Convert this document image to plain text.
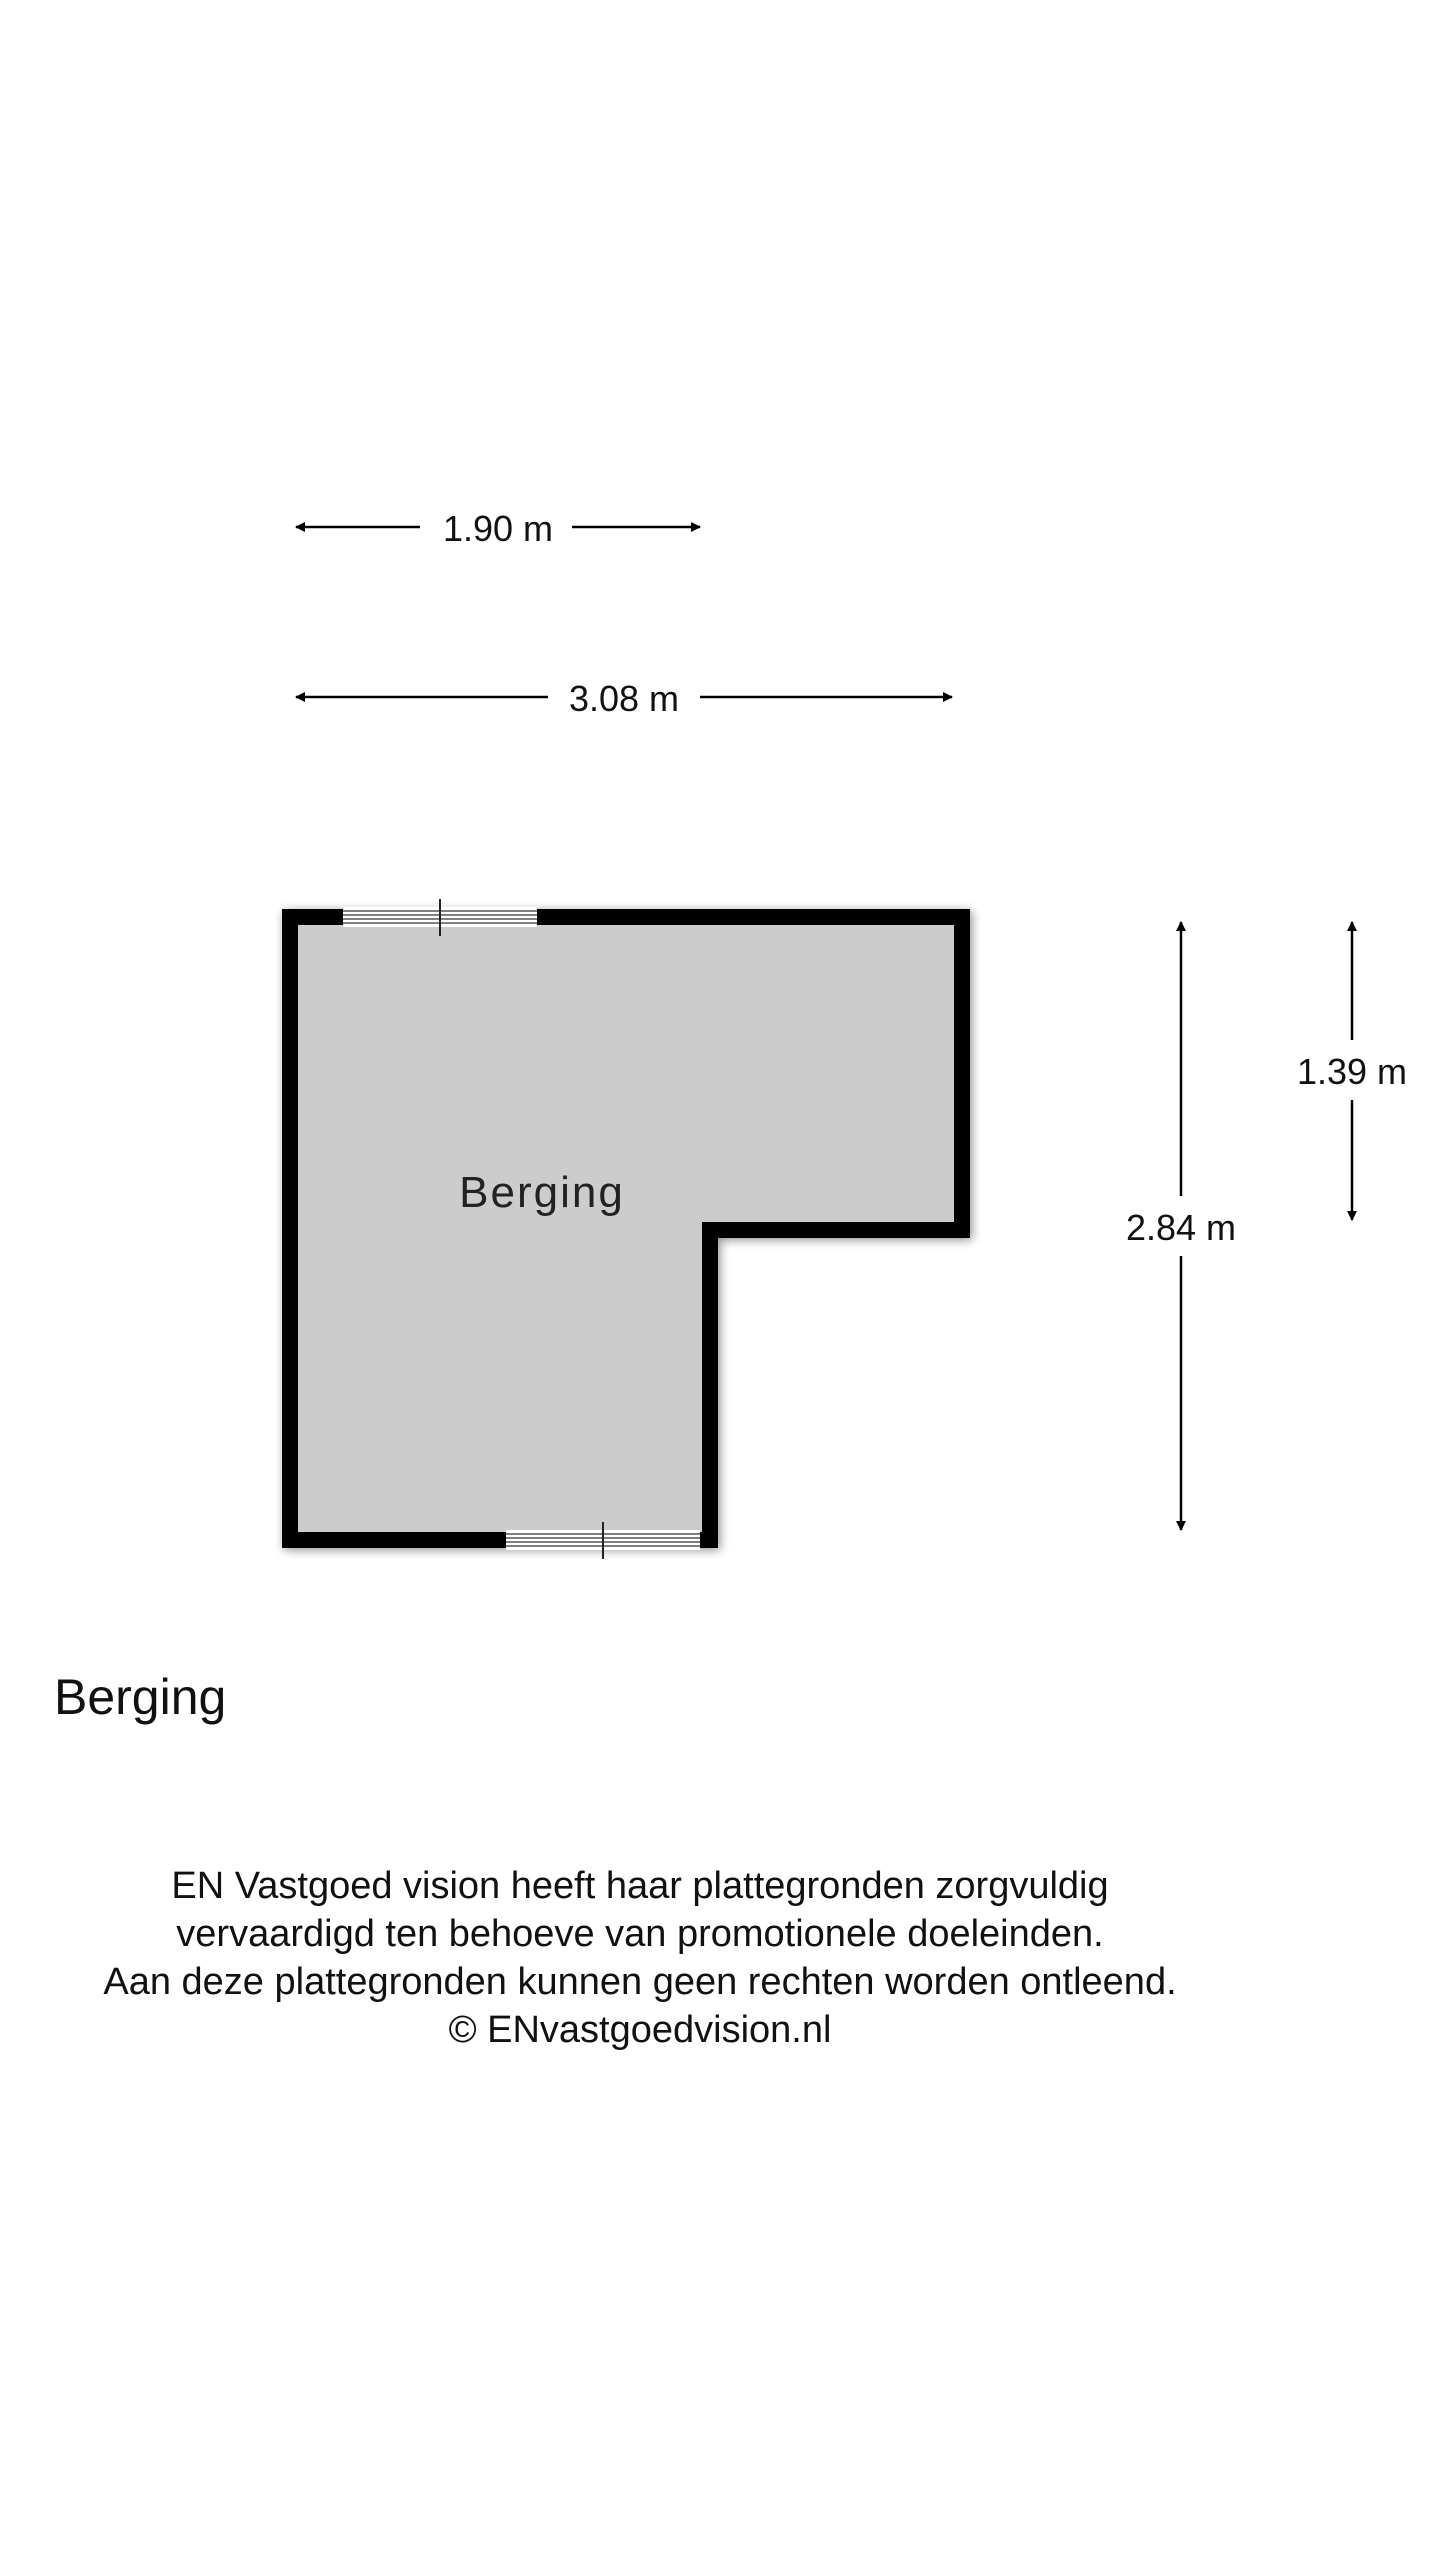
1.90 m
3.08 m
2.84 m
1.39 m
Berging
Berging
EN Vastgoed vision heeft haar plattegronden zorgvuldig
vervaardigd ten behoeve van promotionele doeleinden.
Aan deze plattegronden kunnen geen rechten worden ontleend.
© ENvastgoedvision.nl
